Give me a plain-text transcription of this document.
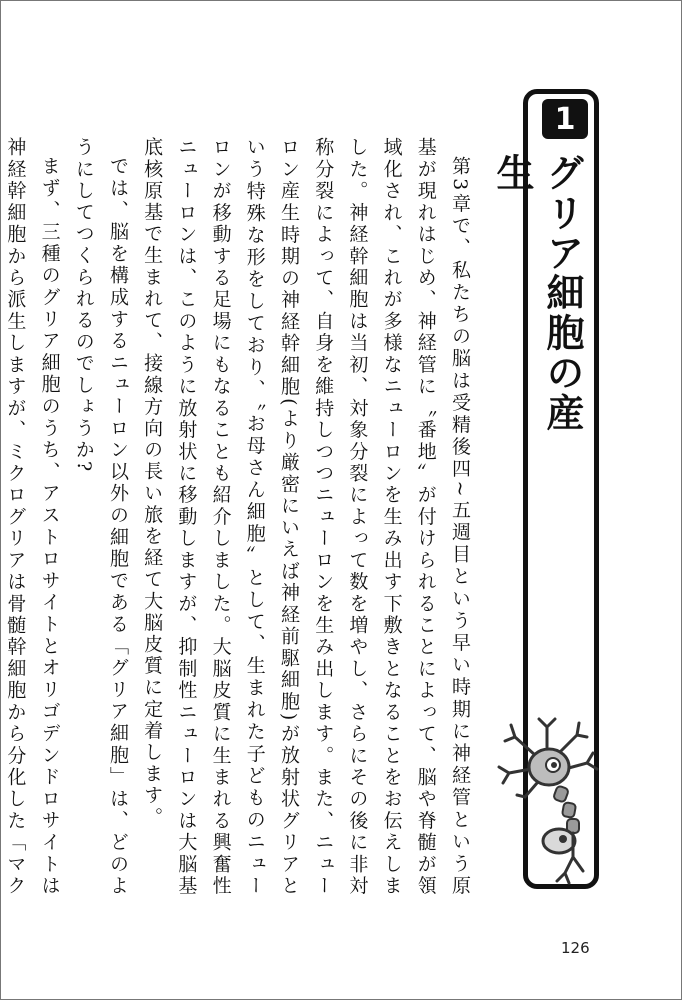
第3章で、私たちの脳は受精後四~五週目という早い時期に神経管という原基が現れはじめ、神経管に〝番地〟が付けられることによって、脳や脊髄が領域化され、これが多様なニューロンを生み出す下敷きとなることをお伝えしました。神経幹細胞は当初、対象分裂によって数を増やし、さらにその後に非対称分裂によって、自身を維持しつつニューロンを生み出します。また、ニューロン産生時期の神経幹細胞(より厳密にいえば神経前駆細胞)が放射状グリアという特殊な形をしており、〝お母さん細胞〟として、生まれた子どものニューロンが移動する足場にもなることも紹介しました。大脳皮質に生まれる興奮性ニューロンは、このように放射状に移動しますが、抑制性ニューロンは大脳基底核原基で生まれて、接線方向の長い旅を経て大脳皮質に定着します。

では、脳を構成するニューロン以外の細胞である「グリア細胞」は、どのようにしてつくられるのでしょうか?

まず、三種のグリア細胞のうち、アストロサイトとオリゴデンドロサイトは神経幹細胞から派生しますが、ミクログリアは骨髄幹細胞から分化した「マク

1
グリア細胞の産生
126
